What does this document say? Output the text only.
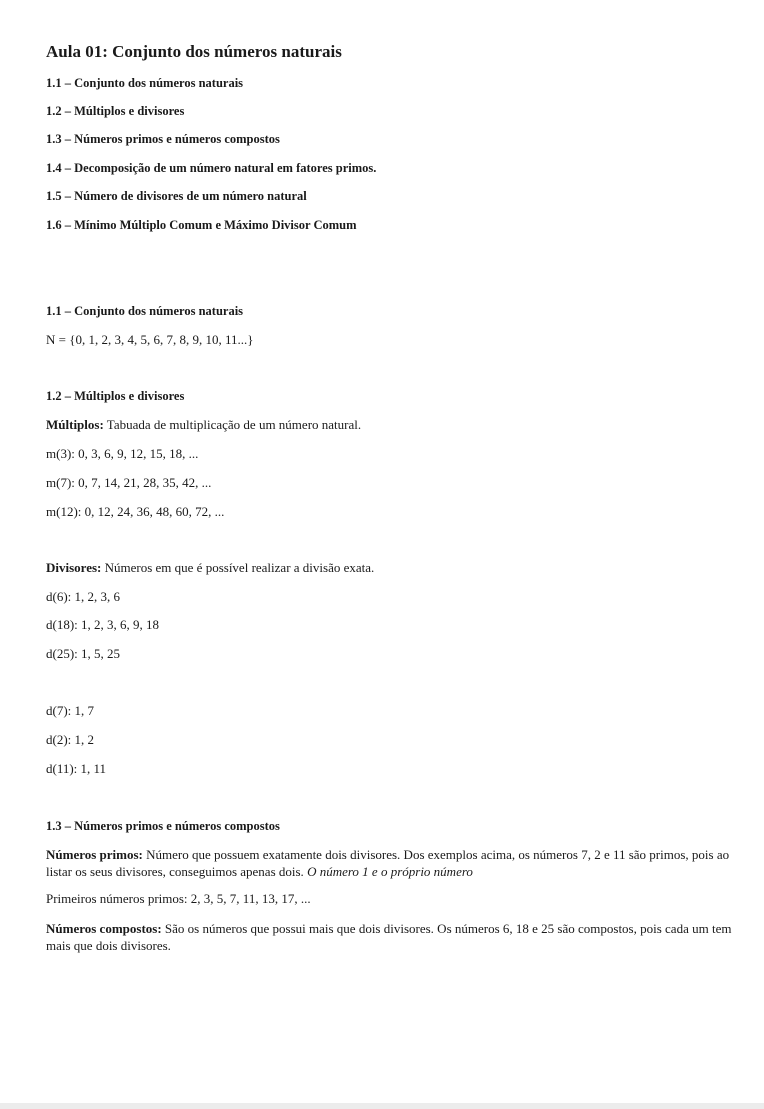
Aula 01: Conjunto dos números naturais
1.1 – Conjunto dos números naturais
1.2 – Múltiplos e divisores
1.3 – Números primos e números compostos
1.4 – Decomposição de um número natural em fatores primos.
1.5 – Número de divisores de um número natural
1.6 – Mínimo Múltiplo Comum e Máximo Divisor Comum
1.1 – Conjunto dos números naturais
N = {0, 1, 2, 3, 4, 5, 6, 7, 8, 9, 10, 11...}
1.2 – Múltiplos e divisores
Múltiplos: Tabuada de multiplicação de um número natural.
m(3): 0, 3, 6, 9, 12, 15, 18, ...
m(7): 0, 7, 14, 21, 28, 35, 42, ...
m(12): 0, 12, 24, 36, 48, 60, 72, ...
Divisores: Números em que é possível realizar a divisão exata.
d(6): 1, 2, 3, 6
d(18): 1, 2, 3, 6, 9, 18
d(25): 1, 5, 25
d(7): 1, 7
d(2): 1, 2
d(11): 1, 11
1.3 – Números primos e números compostos
Números primos: Número que possuem exatamente dois divisores. Dos exemplos acima, os números 7, 2 e 11 são primos, pois ao listar os seus divisores, conseguimos apenas dois. O número 1 e o próprio número
Primeiros números primos: 2, 3, 5, 7, 11, 13, 17, ...
Números compostos: São os números que possui mais que dois divisores. Os números 6, 18 e 25 são compostos, pois cada um tem mais que dois divisores.
